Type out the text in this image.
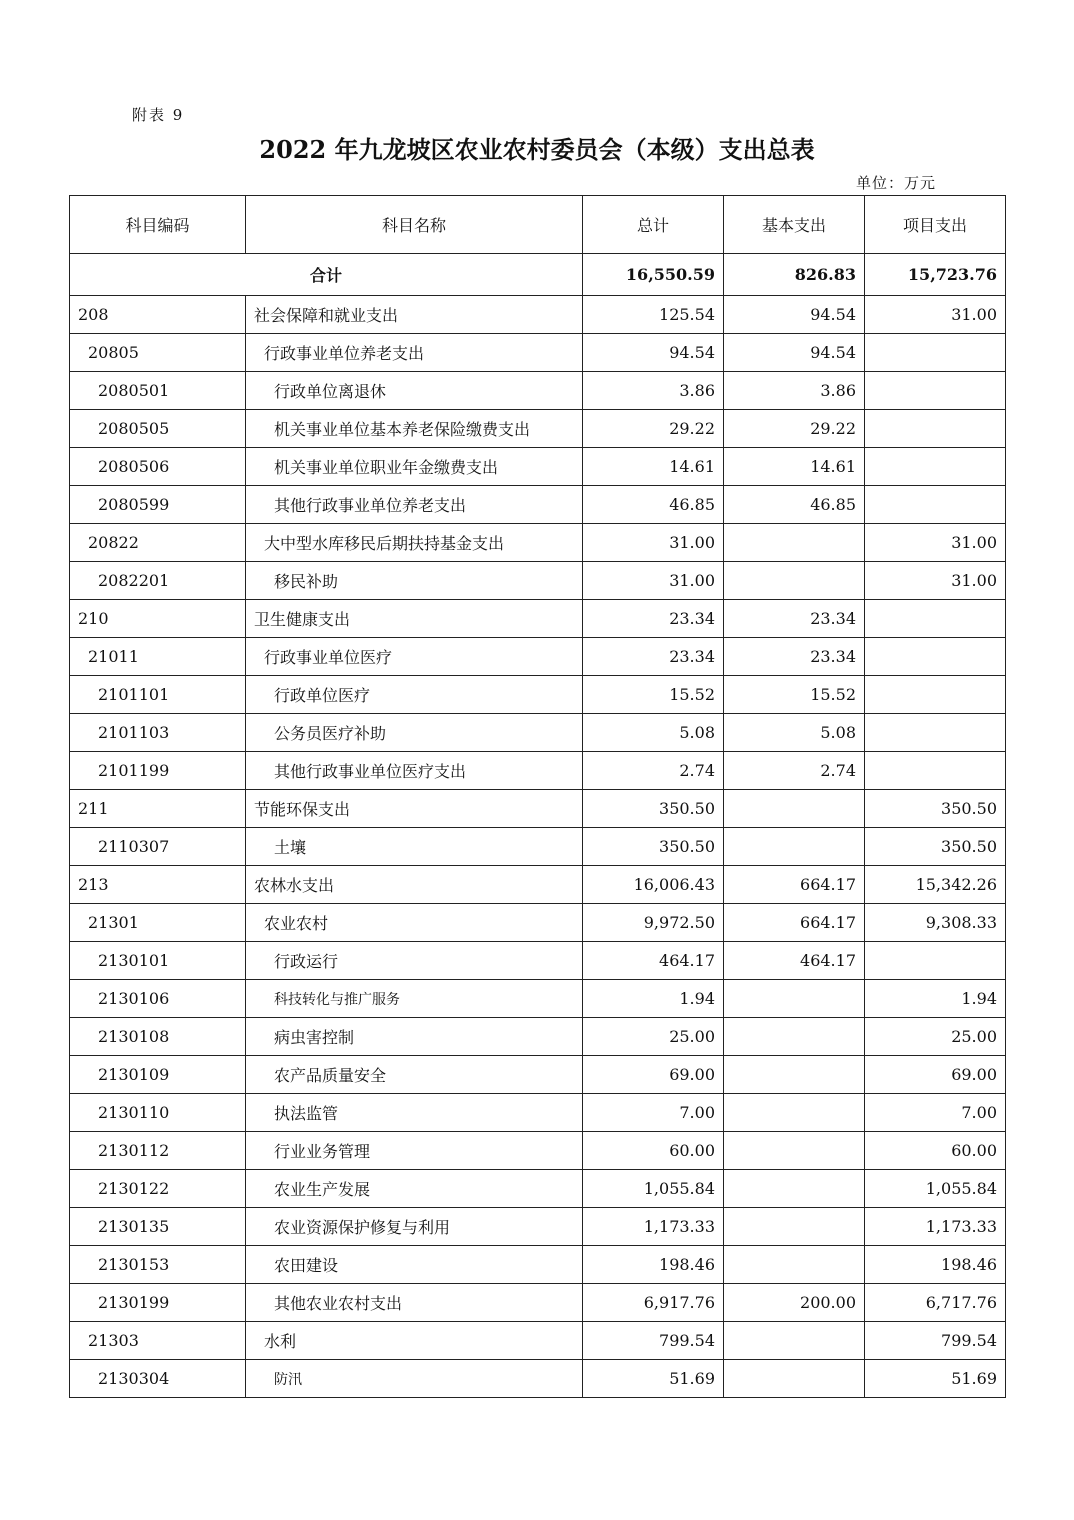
附表 9
2022 年九龙坡区农业农村委员会（本级）支出总表
单位：万元
科目编码	科目名称	总计	基本支出	项目支出
合计		16,550.59	826.83	15,723.76
208	社会保障和就业支出	125.54	94.54	31.00
20805	行政事业单位养老支出	94.54	94.54	
2080501	行政单位离退休	3.86	3.86	
2080505	机关事业单位基本养老保险缴费支出	29.22	29.22	
2080506	机关事业单位职业年金缴费支出	14.61	14.61	
2080599	其他行政事业单位养老支出	46.85	46.85	
20822	大中型水库移民后期扶持基金支出	31.00		31.00
2082201	移民补助	31.00		31.00
210	卫生健康支出	23.34	23.34	
21011	行政事业单位医疗	23.34	23.34	
2101101	行政单位医疗	15.52	15.52	
2101103	公务员医疗补助	5.08	5.08	
2101199	其他行政事业单位医疗支出	2.74	2.74	
211	节能环保支出	350.50		350.50
2110307	土壤	350.50		350.50
213	农林水支出	16,006.43	664.17	15,342.26
21301	农业农村	9,972.50	664.17	9,308.33
2130101	行政运行	464.17	464.17	
2130106	科技转化与推广服务	1.94		1.94
2130108	病虫害控制	25.00		25.00
2130109	农产品质量安全	69.00		69.00
2130110	执法监管	7.00		7.00
2130112	行业业务管理	60.00		60.00
2130122	农业生产发展	1,055.84		1,055.84
2130135	农业资源保护修复与利用	1,173.33		1,173.33
2130153	农田建设	198.46		198.46
2130199	其他农业农村支出	6,917.76	200.00	6,717.76
21303	水利	799.54		799.54
2130304	防汛	51.69		51.69
